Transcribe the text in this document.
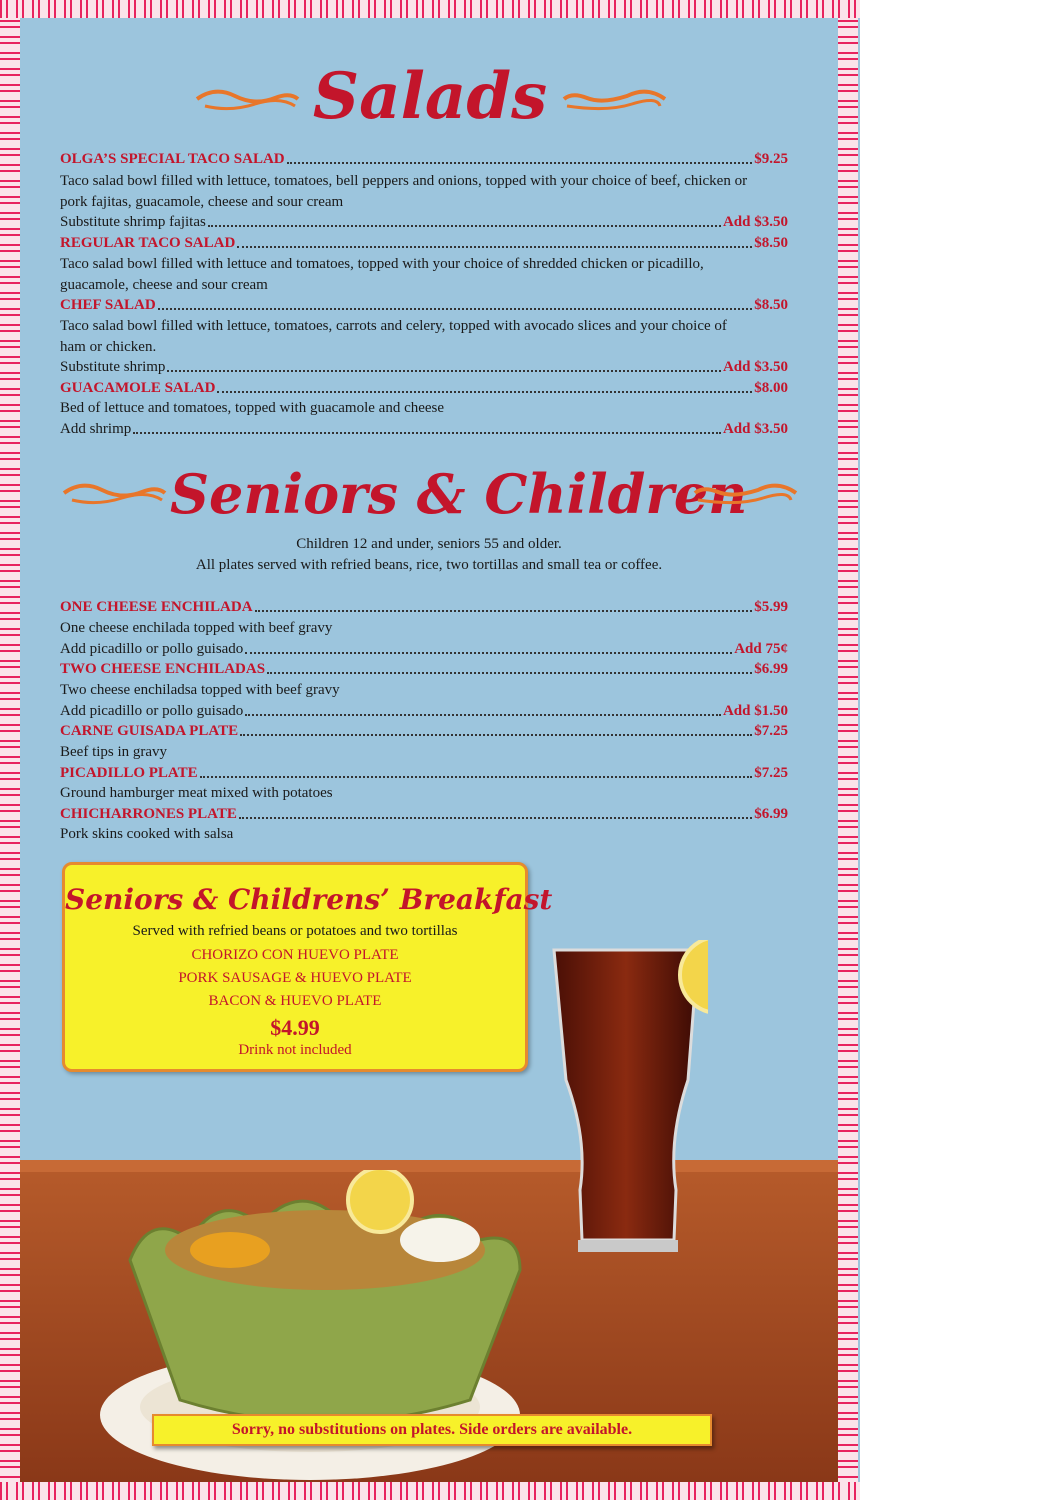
Salads
OLGA’S SPECIAL TACO SALAD	$9.25
Taco salad bowl filled with lettuce, tomatoes, bell peppers and onions, topped with your choice of beef, chicken or
pork fajitas, guacamole, cheese and sour cream
Substitute shrimp fajitas	Add $3.50
REGULAR TACO SALAD	$8.50
Taco salad bowl filled with lettuce and tomatoes, topped with your choice of shredded chicken or picadillo,
guacamole, cheese and sour cream
CHEF SALAD	$8.50
Taco salad bowl filled with lettuce, tomatoes, carrots and celery, topped with avocado slices and your choice of
ham or chicken.
Substitute shrimp	Add $3.50
GUACAMOLE SALAD	$8.00
Bed of lettuce and tomatoes, topped with guacamole and cheese
Add shrimp	Add $3.50
Seniors & Children
Children 12 and under, seniors 55 and older.
All plates served with refried beans, rice, two tortillas and small tea or coffee.
ONE CHEESE ENCHILADA	$5.99
One cheese enchilada topped with beef gravy
Add picadillo or pollo guisado	Add 75¢
TWO CHEESE ENCHILADAS	$6.99
Two cheese enchiladsa topped with beef gravy
Add picadillo or pollo guisado	Add $1.50
CARNE GUISADA PLATE	$7.25
Beef tips in gravy
PICADILLO PLATE	$7.25
Ground hamburger meat mixed with potatoes
CHICHARRONES PLATE	$6.99
Pork skins cooked with salsa
Seniors & Childrens’ Breakfast
Served with refried beans or potatoes and two tortillas
CHORIZO CON HUEVO PLATE
PORK SAUSAGE & HUEVO PLATE
BACON & HUEVO PLATE
$4.99
Drink not included
Sorry, no substitutions on plates. Side orders are available.
